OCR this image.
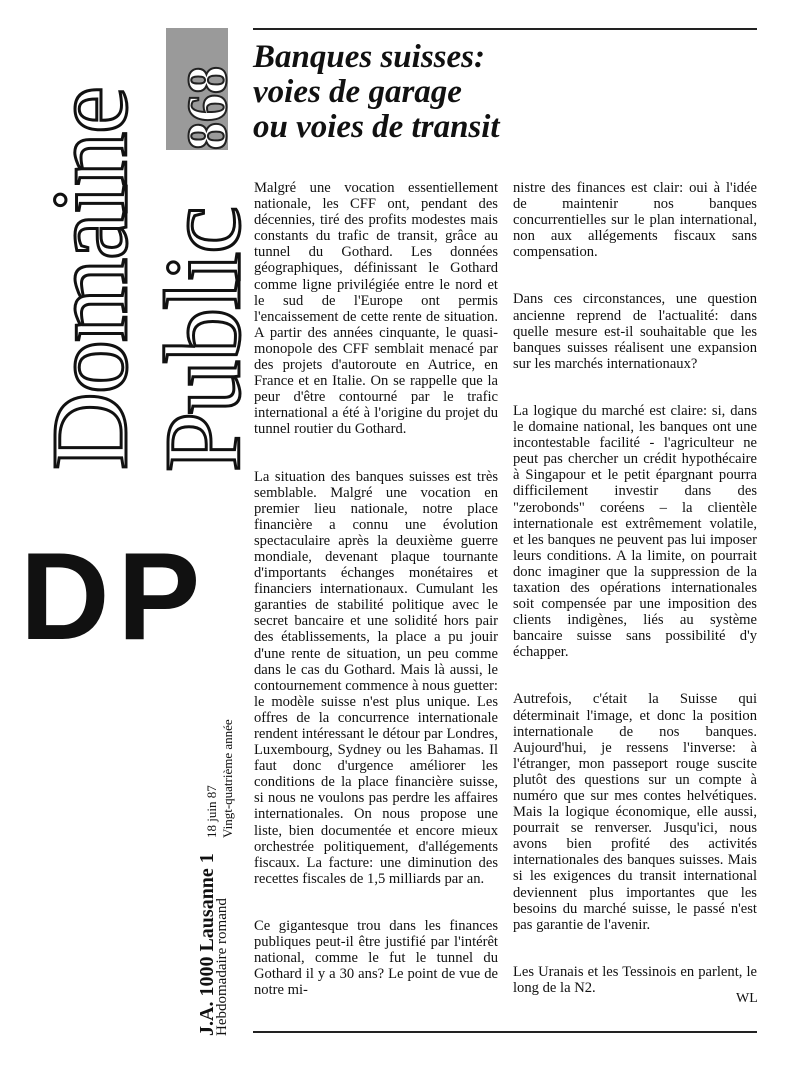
868
Domaine
Public
DP
J.A. 1000 Lausanne 1
Hebdomadaire romand
18 juin 87 Vingt-quatrième année
Banques suisses:
voies de garage
ou voies de transit

Malgré une vocation essentiellement nationale, les CFF ont, pendant des décennies, tiré des profits modestes mais constants du trafic de transit, grâce au tunnel du Gothard. Les données géographiques, définissant le Gothard comme ligne privilégiée entre le nord et le sud de l'Europe ont permis l'encaissement de cette rente de situation. A partir des années cinquante, le quasi-monopole des CFF semblait menacé par des projets d'autoroute en Autrice, en France et en Italie. On se rappelle que la peur d'être contourné par le trafic international a été à l'origine du projet du tunnel routier du Gothard.

La situation des banques suisses est très semblable. Malgré une vocation en premier lieu nationale, notre place financière a connu une évolution spectaculaire après la deuxième guerre mondiale, devenant plaque tournante d'importants échanges monétaires et financiers internationaux. Cumulant les garanties de stabilité politique avec le secret bancaire et une solidité hors pair des établissements, la place a pu jouir d'une rente de situation, un peu comme dans le cas du Gothard. Mais là aussi, le contournement commence à nous guetter: le modèle suisse n'est plus unique. Les offres de la concurrence internationale rendent intéressant le détour par Londres, Luxembourg, Sydney ou les Bahamas. Il faut donc d'urgence améliorer les conditions de la place financière suisse, si nous ne voulons pas perdre les affaires internationales. On nous propose une liste, bien documentée et encore mieux orchestrée politiquement, d'allégements fiscaux. La facture: une diminution des recettes fiscales de 1,5 milliards par an.

Ce gigantesque trou dans les finances publiques peut-il être justifié par l'intérêt national, comme le fut le tunnel du Gothard il y a 30 ans? Le point de vue de notre mi-

nistre des finances est clair: oui à l'idée de maintenir nos banques concurrentielles sur le plan international, non aux allégements fiscaux sans compensation.

Dans ces circonstances, une question ancienne reprend de l'actualité: dans quelle mesure est-il souhaitable que les banques suisses réalisent une expansion sur les marchés internationaux?

La logique du marché est claire: si, dans le domaine national, les banques ont une incontestable facilité - l'agriculteur ne peut pas chercher un crédit hypothécaire à Singapour et le petit épargnant pourra difficilement investir dans des "zerobonds" coréens – la clientèle internationale est extrêmement volatile, et les banques ne peuvent pas lui imposer leurs conditions. A la limite, on pourrait donc imaginer que la suppression de la taxation des opérations internationales soit compensée par une imposition des clients indigènes, liés au système bancaire suisse sans possibilité d'y échapper.

Autrefois, c'était la Suisse qui déterminait l'image, et donc la position internationale de nos banques. Aujourd'hui, je ressens l'inverse: à l'étranger, mon passeport rouge suscite plutôt des questions sur un compte à numéro que sur mes contes helvétiques. Mais la logique économique, elle aussi, pourrait se renverser. Jusqu'ici, nous avons bien profité des activités internationales des banques suisses. Mais si les exigences du transit international deviennent plus importantes que les besoins du marché suisse, le passé n'est pas garantie de l'avenir.

Les Uranais et les Tessinois en parlent, le long de la N2.

WL
